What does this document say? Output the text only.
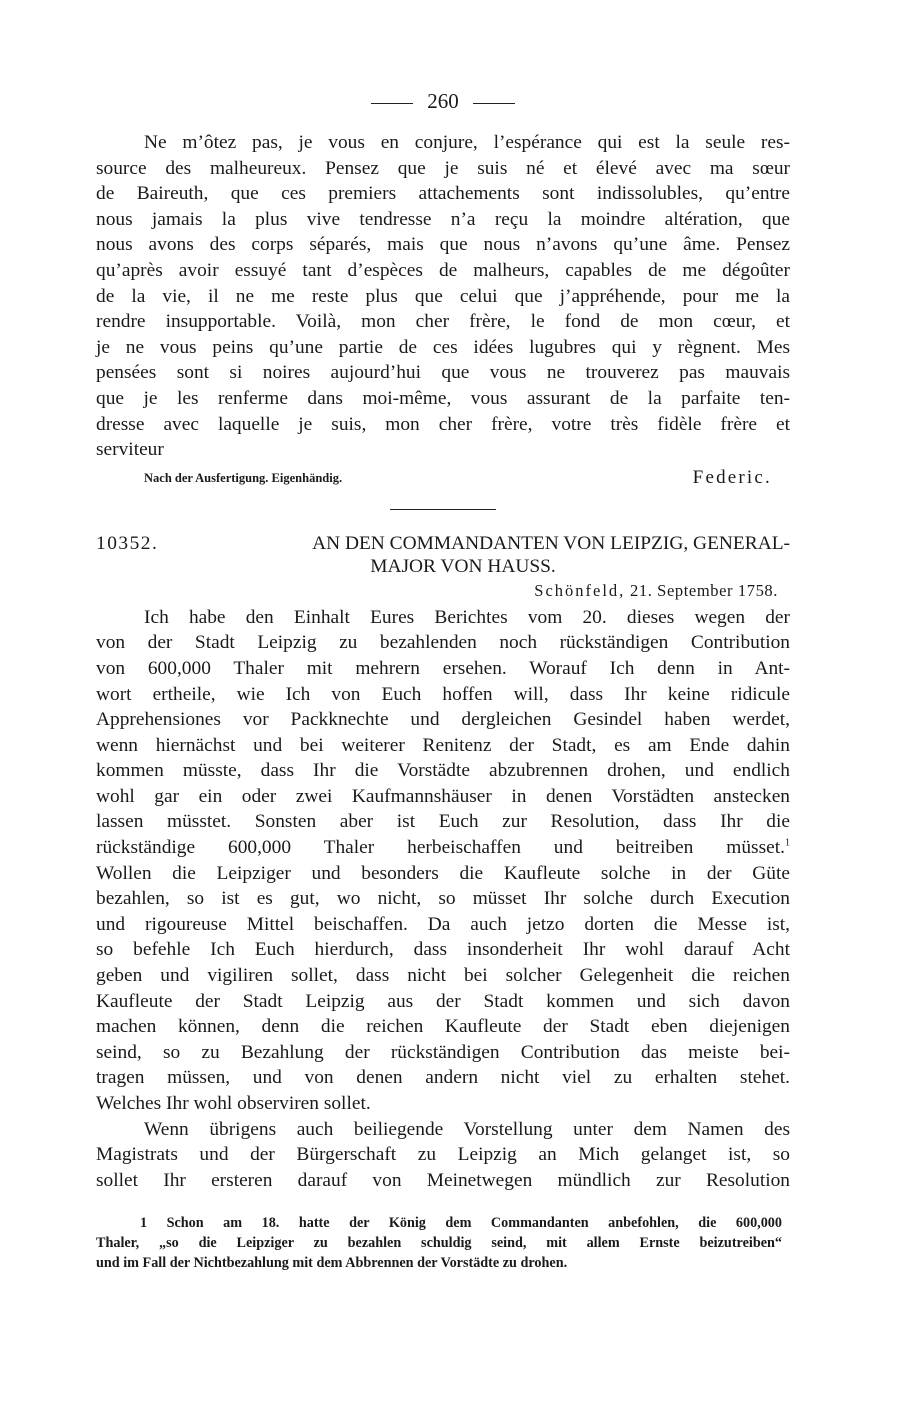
260

Ne m’ôtez pas, je vous en conjure, l’espérance qui est la seule res-
source des malheureux. Pensez que je suis né et élevé avec ma sœur
de Baireuth, que ces premiers attachements sont indissolubles, qu’entre
nous jamais la plus vive tendresse n’a reçu la moindre altération, que
nous avons des corps séparés, mais que nous n’avons qu’une âme. Pensez
qu’après avoir essuyé tant d’espèces de malheurs, capables de me dégoûter
de la vie, il ne me reste plus que celui que j’appréhende, pour me la
rendre insupportable. Voilà, mon cher frère, le fond de mon cœur, et
je ne vous peins qu’une partie de ces idées lugubres qui y règnent. Mes
pensées sont si noires aujourd’hui que vous ne trouverez pas mauvais
que je les renferme dans moi-même, vous assurant de la parfaite ten-
dresse avec laquelle je suis, mon cher frère, votre très fidèle frère et
serviteur

Nach der Ausfertigung. Eigenhändig.	Federic.
10352.	AN DEN COMMANDANTEN VON LEIPZIG, GENERAL-
MAJOR VON HAUSS.
Schönfeld, 21. September 1758.

Ich habe den Einhalt Eures Berichtes vom 20. dieses wegen der
von der Stadt Leipzig zu bezahlenden noch rückständigen Contribution
von 600,000 Thaler mit mehrern ersehen. Worauf Ich denn in Ant-
wort ertheile, wie Ich von Euch hoffen will, dass Ihr keine ridicule
Apprehensiones vor Packknechte und dergleichen Gesindel haben werdet,
wenn hiernächst und bei weiterer Renitenz der Stadt, es am Ende dahin
kommen müsste, dass Ihr die Vorstädte abzubrennen drohen, und endlich
wohl gar ein oder zwei Kaufmannshäuser in denen Vorstädten anstecken
lassen müsstet. Sonsten aber ist Euch zur Resolution, dass Ihr die
rückständige 600,000 Thaler herbeischaffen und beitreiben müsset.$^1$
Wollen die Leipziger und besonders die Kaufleute solche in der Güte
bezahlen, so ist es gut, wo nicht, so müsset Ihr solche durch Execution
und rigoureuse Mittel beischaffen. Da auch jetzo dorten die Messe ist,
so befehle Ich Euch hierdurch, dass insonderheit Ihr wohl darauf Acht
geben und vigiliren sollet, dass nicht bei solcher Gelegenheit die reichen
Kaufleute der Stadt Leipzig aus der Stadt kommen und sich davon
machen können, denn die reichen Kaufleute der Stadt eben diejenigen
seind, so zu Bezahlung der rückständigen Contribution das meiste bei-
tragen müssen, und von denen andern nicht viel zu erhalten stehet.
Welches Ihr wohl observiren sollet.

Wenn übrigens auch beiliegende Vorstellung unter dem Namen des
Magistrats und der Bürgerschaft zu Leipzig an Mich gelanget ist, so
sollet Ihr ersteren darauf von Meinetwegen mündlich zur Resolution

1 Schon am 18. hatte der König dem Commandanten anbefohlen, die 600,000
Thaler, „so die Leipziger zu bezahlen schuldig seind, mit allem Ernste beizutreiben“
und im Fall der Nichtbezahlung mit dem Abbrennen der Vorstädte zu drohen.
